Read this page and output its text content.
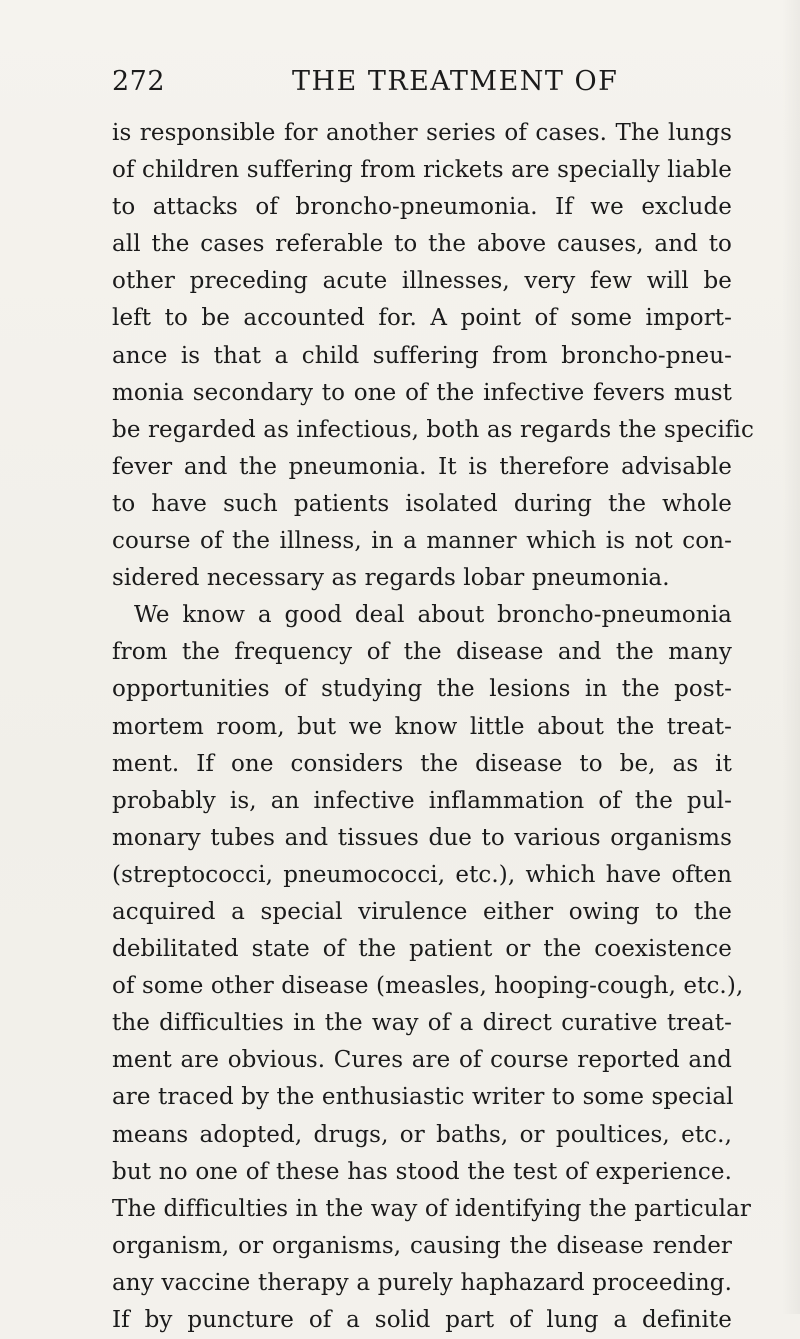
272	THE TREATMENT OF
is responsible for another series of cases. The lungs
of children suffering from rickets are specially liable
to attacks of broncho-pneumonia. If we exclude
all the cases referable to the above causes, and to
other preceding acute illnesses, very few will be
left to be accounted for. A point of some import-
ance is that a child suffering from broncho-pneu-
monia secondary to one of the infective fevers must
be regarded as infectious, both as regards the specific
fever and the pneumonia. It is therefore advisable
to have such patients isolated during the whole
course of the illness, in a manner which is not con-
sidered necessary as regards lobar pneumonia.
We know a good deal about broncho-pneumonia
from the frequency of the disease and the many
opportunities of studying the lesions in the post-
mortem room, but we know little about the treat-
ment. If one considers the disease to be, as it
probably is, an infective inflammation of the pul-
monary tubes and tissues due to various organisms
(streptococci, pneumococci, etc.), which have often
acquired a special virulence either owing to the
debilitated state of the patient or the coexistence
of some other disease (measles, hooping-cough, etc.),
the difficulties in the way of a direct curative treat-
ment are obvious. Cures are of course reported and
are traced by the enthusiastic writer to some special
means adopted, drugs, or baths, or poultices, etc.,
but no one of these has stood the test of experience.
The difficulties in the way of identifying the particular
organism, or organisms, causing the disease render
any vaccine therapy a purely haphazard proceeding.
If by puncture of a solid part of lung a definite
